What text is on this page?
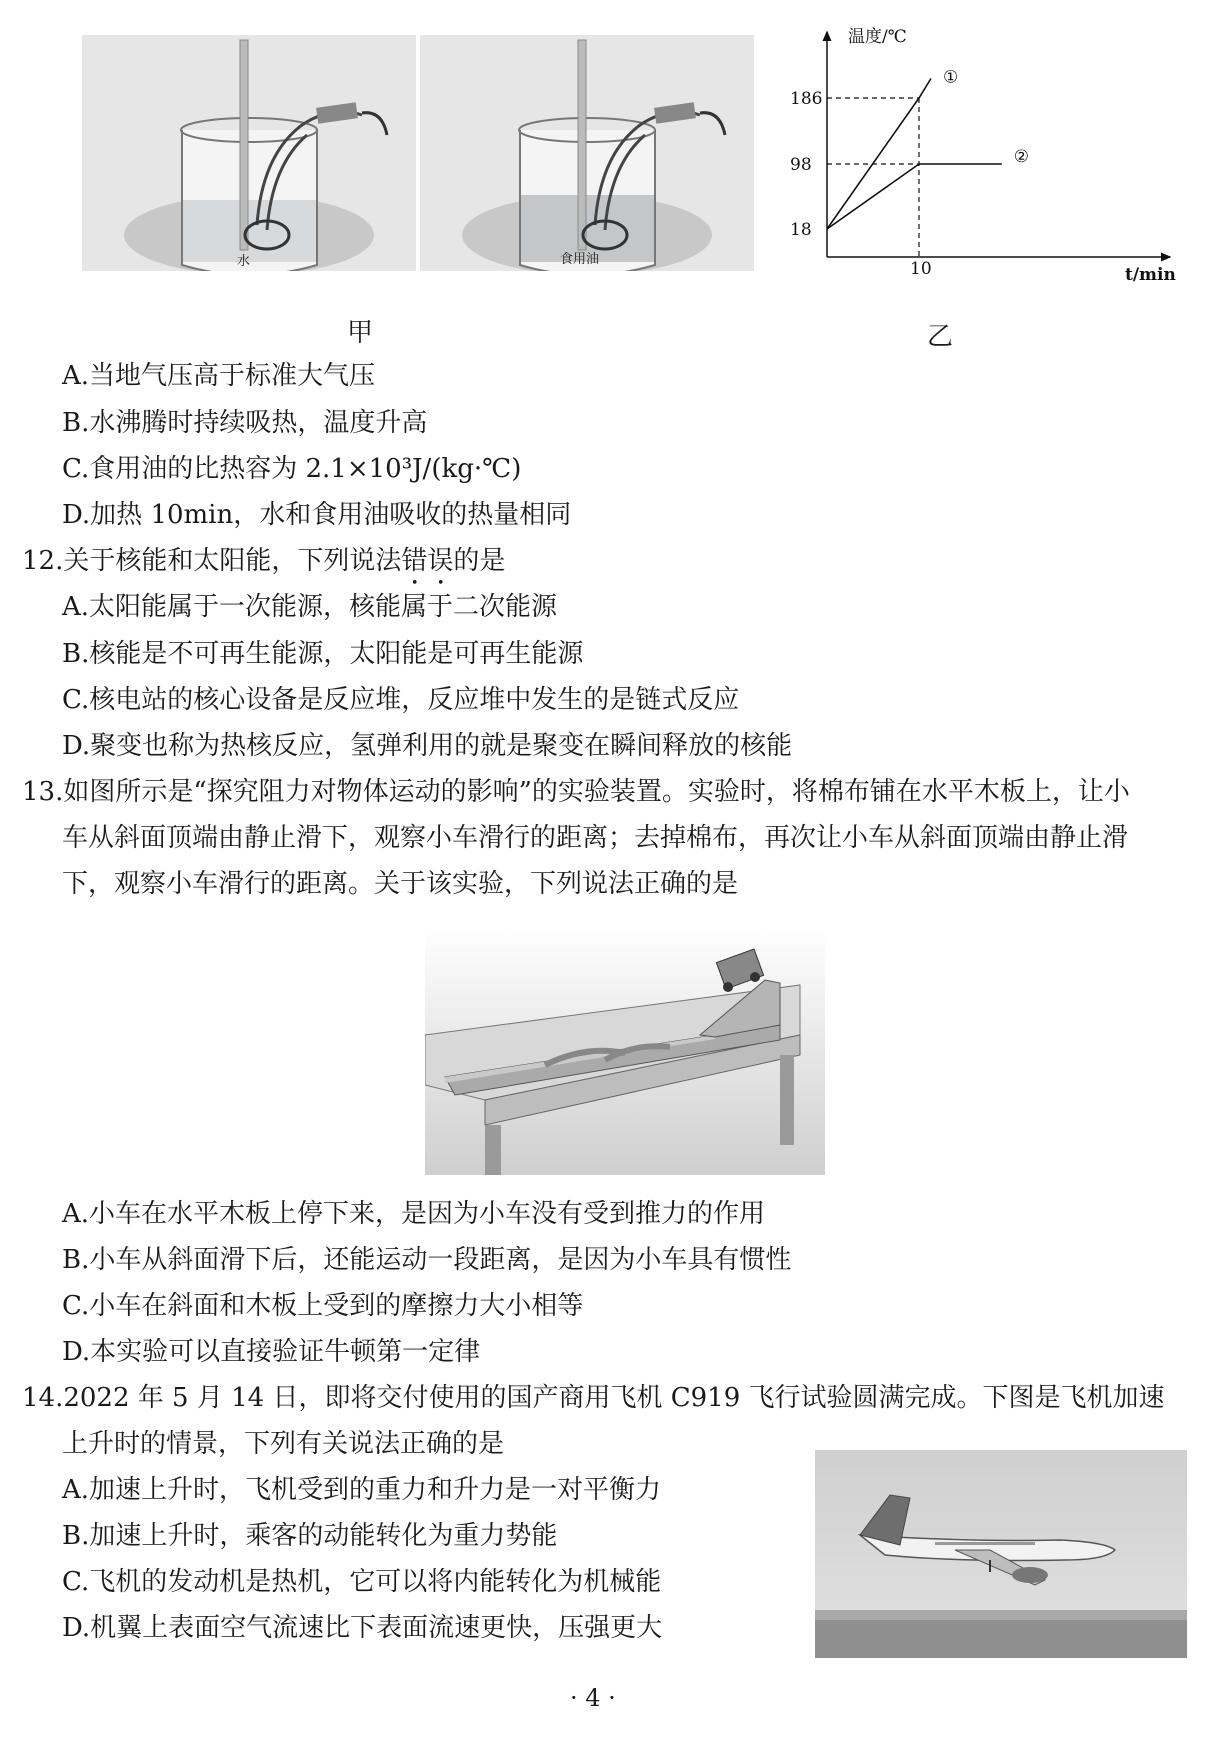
水	食用油
甲
温度/℃
t/min
18
98
186
10
①
②
乙
A.当地气压高于标准大气压
B.水沸腾时持续吸热，温度升高
C.食用油的比热容为 2.1×10³J/(kg·℃)
D.加热 10min，水和食用油吸收的热量相同
12.关于核能和太阳能，下列说法错误的是
A.太阳能属于一次能源，核能属于二次能源
B.核能是不可再生能源，太阳能是可再生能源
C.核电站的核心设备是反应堆，反应堆中发生的是链式反应
D.聚变也称为热核反应，氢弹利用的就是聚变在瞬间释放的核能
13.如图所示是“探究阻力对物体运动的影响”的实验装置。实验时，将棉布铺在水平木板上，让小
车从斜面顶端由静止滑下，观察小车滑行的距离；去掉棉布，再次让小车从斜面顶端由静止滑
下，观察小车滑行的距离。关于该实验，下列说法正确的是
A.小车在水平木板上停下来，是因为小车没有受到推力的作用
B.小车从斜面滑下后，还能运动一段距离，是因为小车具有惯性
C.小车在斜面和木板上受到的摩擦力大小相等
D.本实验可以直接验证牛顿第一定律
14.2022 年 5 月 14 日，即将交付使用的国产商用飞机 C919 飞行试验圆满完成。下图是飞机加速
上升时的情景，下列有关说法正确的是
A.加速上升时，飞机受到的重力和升力是一对平衡力
B.加速上升时，乘客的动能转化为重力势能
C.飞机的发动机是热机，它可以将内能转化为机械能
D.机翼上表面空气流速比下表面流速更快，压强更大
· 4 ·
